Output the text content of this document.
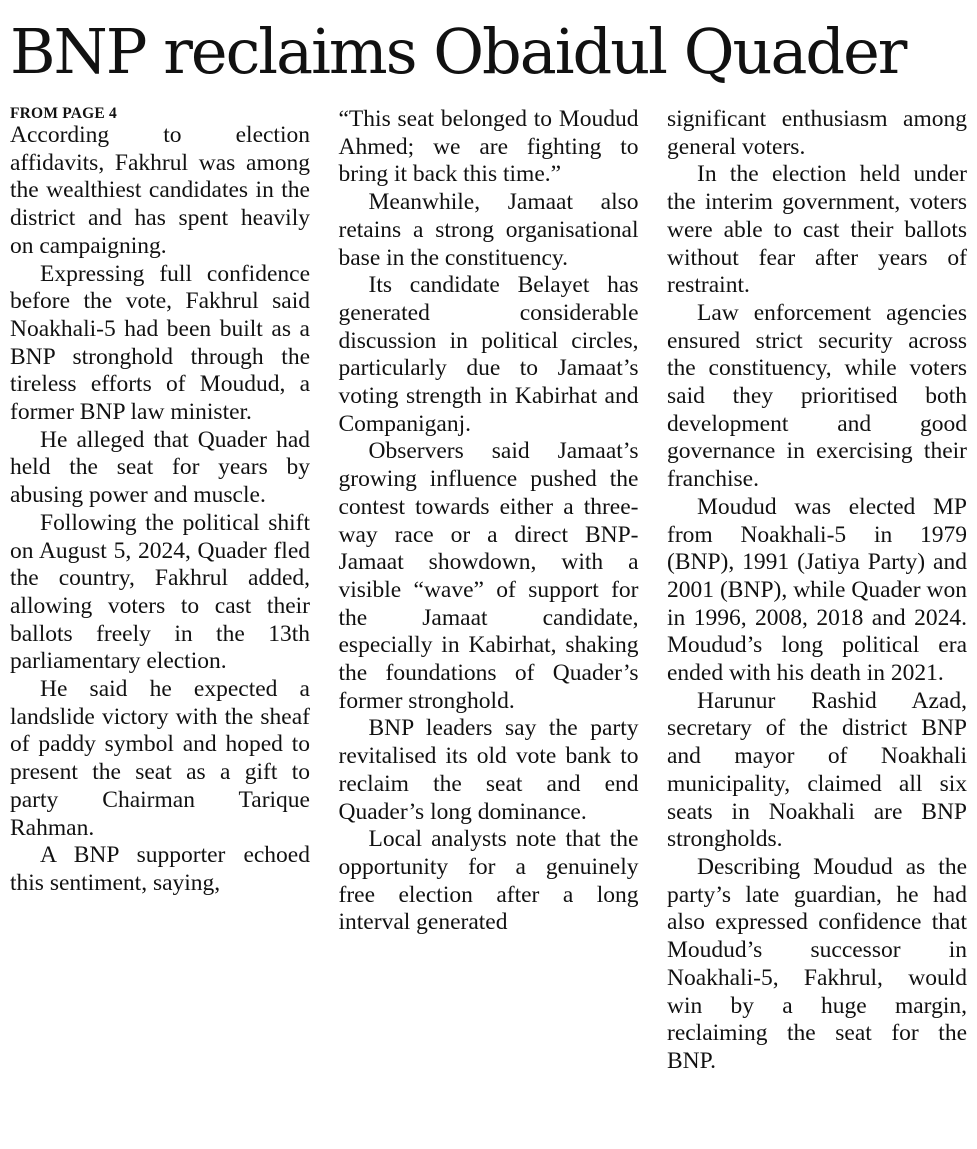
BNP reclaims Obaidul Quader
FROM PAGE 4

According to election affidavits, Fakhrul was among the wealthiest candidates in the district and has spent heavily on campaigning.

Expressing full confidence before the vote, Fakhrul said Noakhali-5 had been built as a BNP stronghold through the tireless efforts of Moudud, a former BNP law minister.

He alleged that Quader had held the seat for years by abusing power and muscle.

Following the political shift on August 5, 2024, Quader fled the country, Fakhrul added, allowing voters to cast their ballots freely in the 13th parliamentary election.

He said he expected a landslide victory with the sheaf of paddy symbol and hoped to present the seat as a gift to party Chairman Tarique Rahman.

A BNP supporter echoed this sentiment, saying,

“This seat belonged to Moudud Ahmed; we are fighting to bring it back this time.”

Meanwhile, Jamaat also retains a strong organisational base in the constituency.

Its candidate Belayet has generated considerable discussion in political circles, particularly due to Jamaat’s voting strength in Kabirhat and Companiganj.

Observers said Jamaat’s growing influence pushed the contest towards either a three-way race or a direct BNP-Jamaat showdown, with a visible “wave” of support for the Jamaat candidate, especially in Kabirhat, shaking the foundations of Quader’s former stronghold.

BNP leaders say the party revitalised its old vote bank to reclaim the seat and end Quader’s long dominance.

Local analysts note that the opportunity for a genuinely free election after a long interval generated

significant enthusiasm among general voters.

In the election held under the interim government, voters were able to cast their ballots without fear after years of restraint.

Law enforcement agencies ensured strict security across the constituency, while voters said they prioritised both development and good governance in exercising their franchise.

Moudud was elected MP from Noakhali-5 in 1979 (BNP), 1991 (Jatiya Party) and 2001 (BNP), while Quader won in 1996, 2008, 2018 and 2024. Moudud’s long political era ended with his death in 2021.

Harunur Rashid Azad, secretary of the district BNP and mayor of Noakhali municipality, claimed all six seats in Noakhali are BNP strongholds.

Describing Moudud as the party’s late guardian, he had also expressed confidence that Moudud’s successor in Noakhali-5, Fakhrul, would win by a huge margin, reclaiming the seat for the BNP.
